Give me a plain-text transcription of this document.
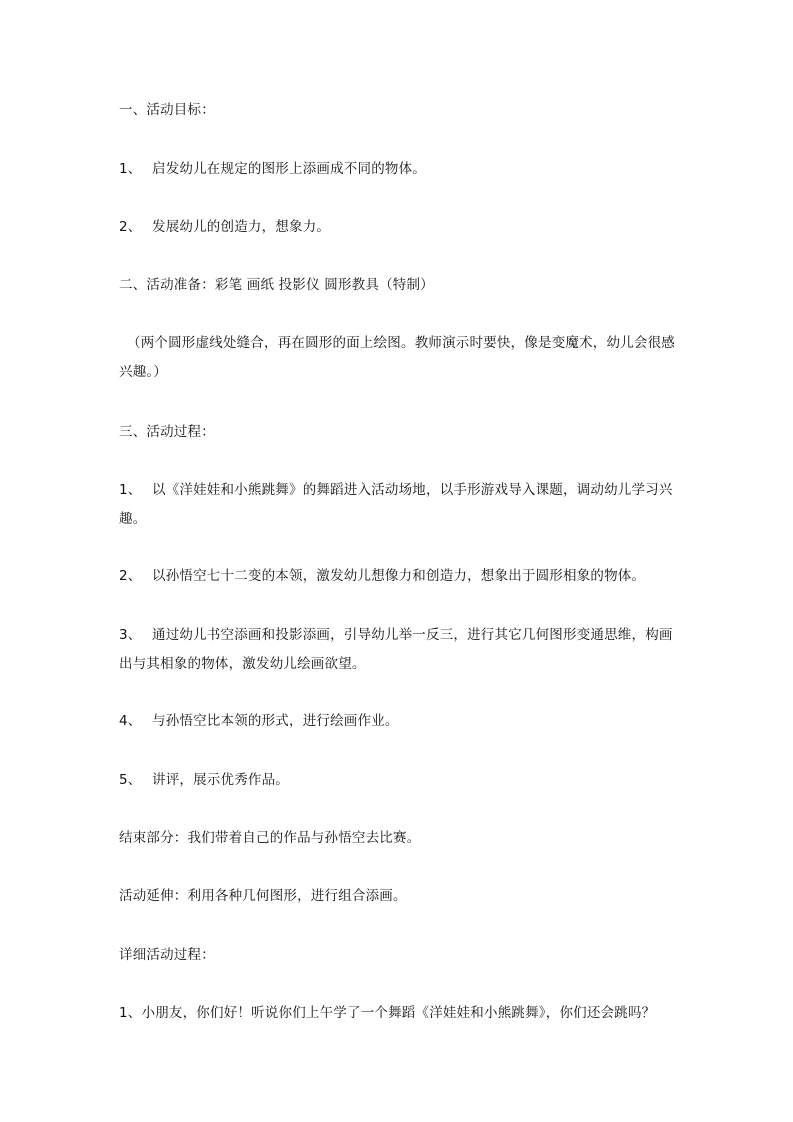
一、活动目标：
1、 启发幼儿在规定的图形上添画成不同的物体。
2、 发展幼儿的创造力，想象力。
二、活动准备：彩笔 画纸 投影仪 圆形教具（特制）
（两个圆形虚线处缝合，再在圆形的面上绘图。教师演示时要快，像是变魔术，幼儿会很感兴趣。）
三、活动过程：
1、 以《洋娃娃和小熊跳舞》的舞蹈进入活动场地，以手形游戏导入课题，调动幼儿学习兴趣。
2、 以孙悟空七十二变的本领，激发幼儿想像力和创造力，想象出于圆形相象的物体。
3、 通过幼儿书空添画和投影添画，引导幼儿举一反三，进行其它几何图形变通思维，构画出与其相象的物体，激发幼儿绘画欲望。
4、 与孙悟空比本领的形式，进行绘画作业。
5、 讲评，展示优秀作品。
结束部分：我们带着自己的作品与孙悟空去比赛。
活动延伸：利用各种几何图形，进行组合添画。
详细活动过程：
1、小朋友，你们好！听说你们上午学了一个舞蹈《洋娃娃和小熊跳舞》，你们还会跳吗？
